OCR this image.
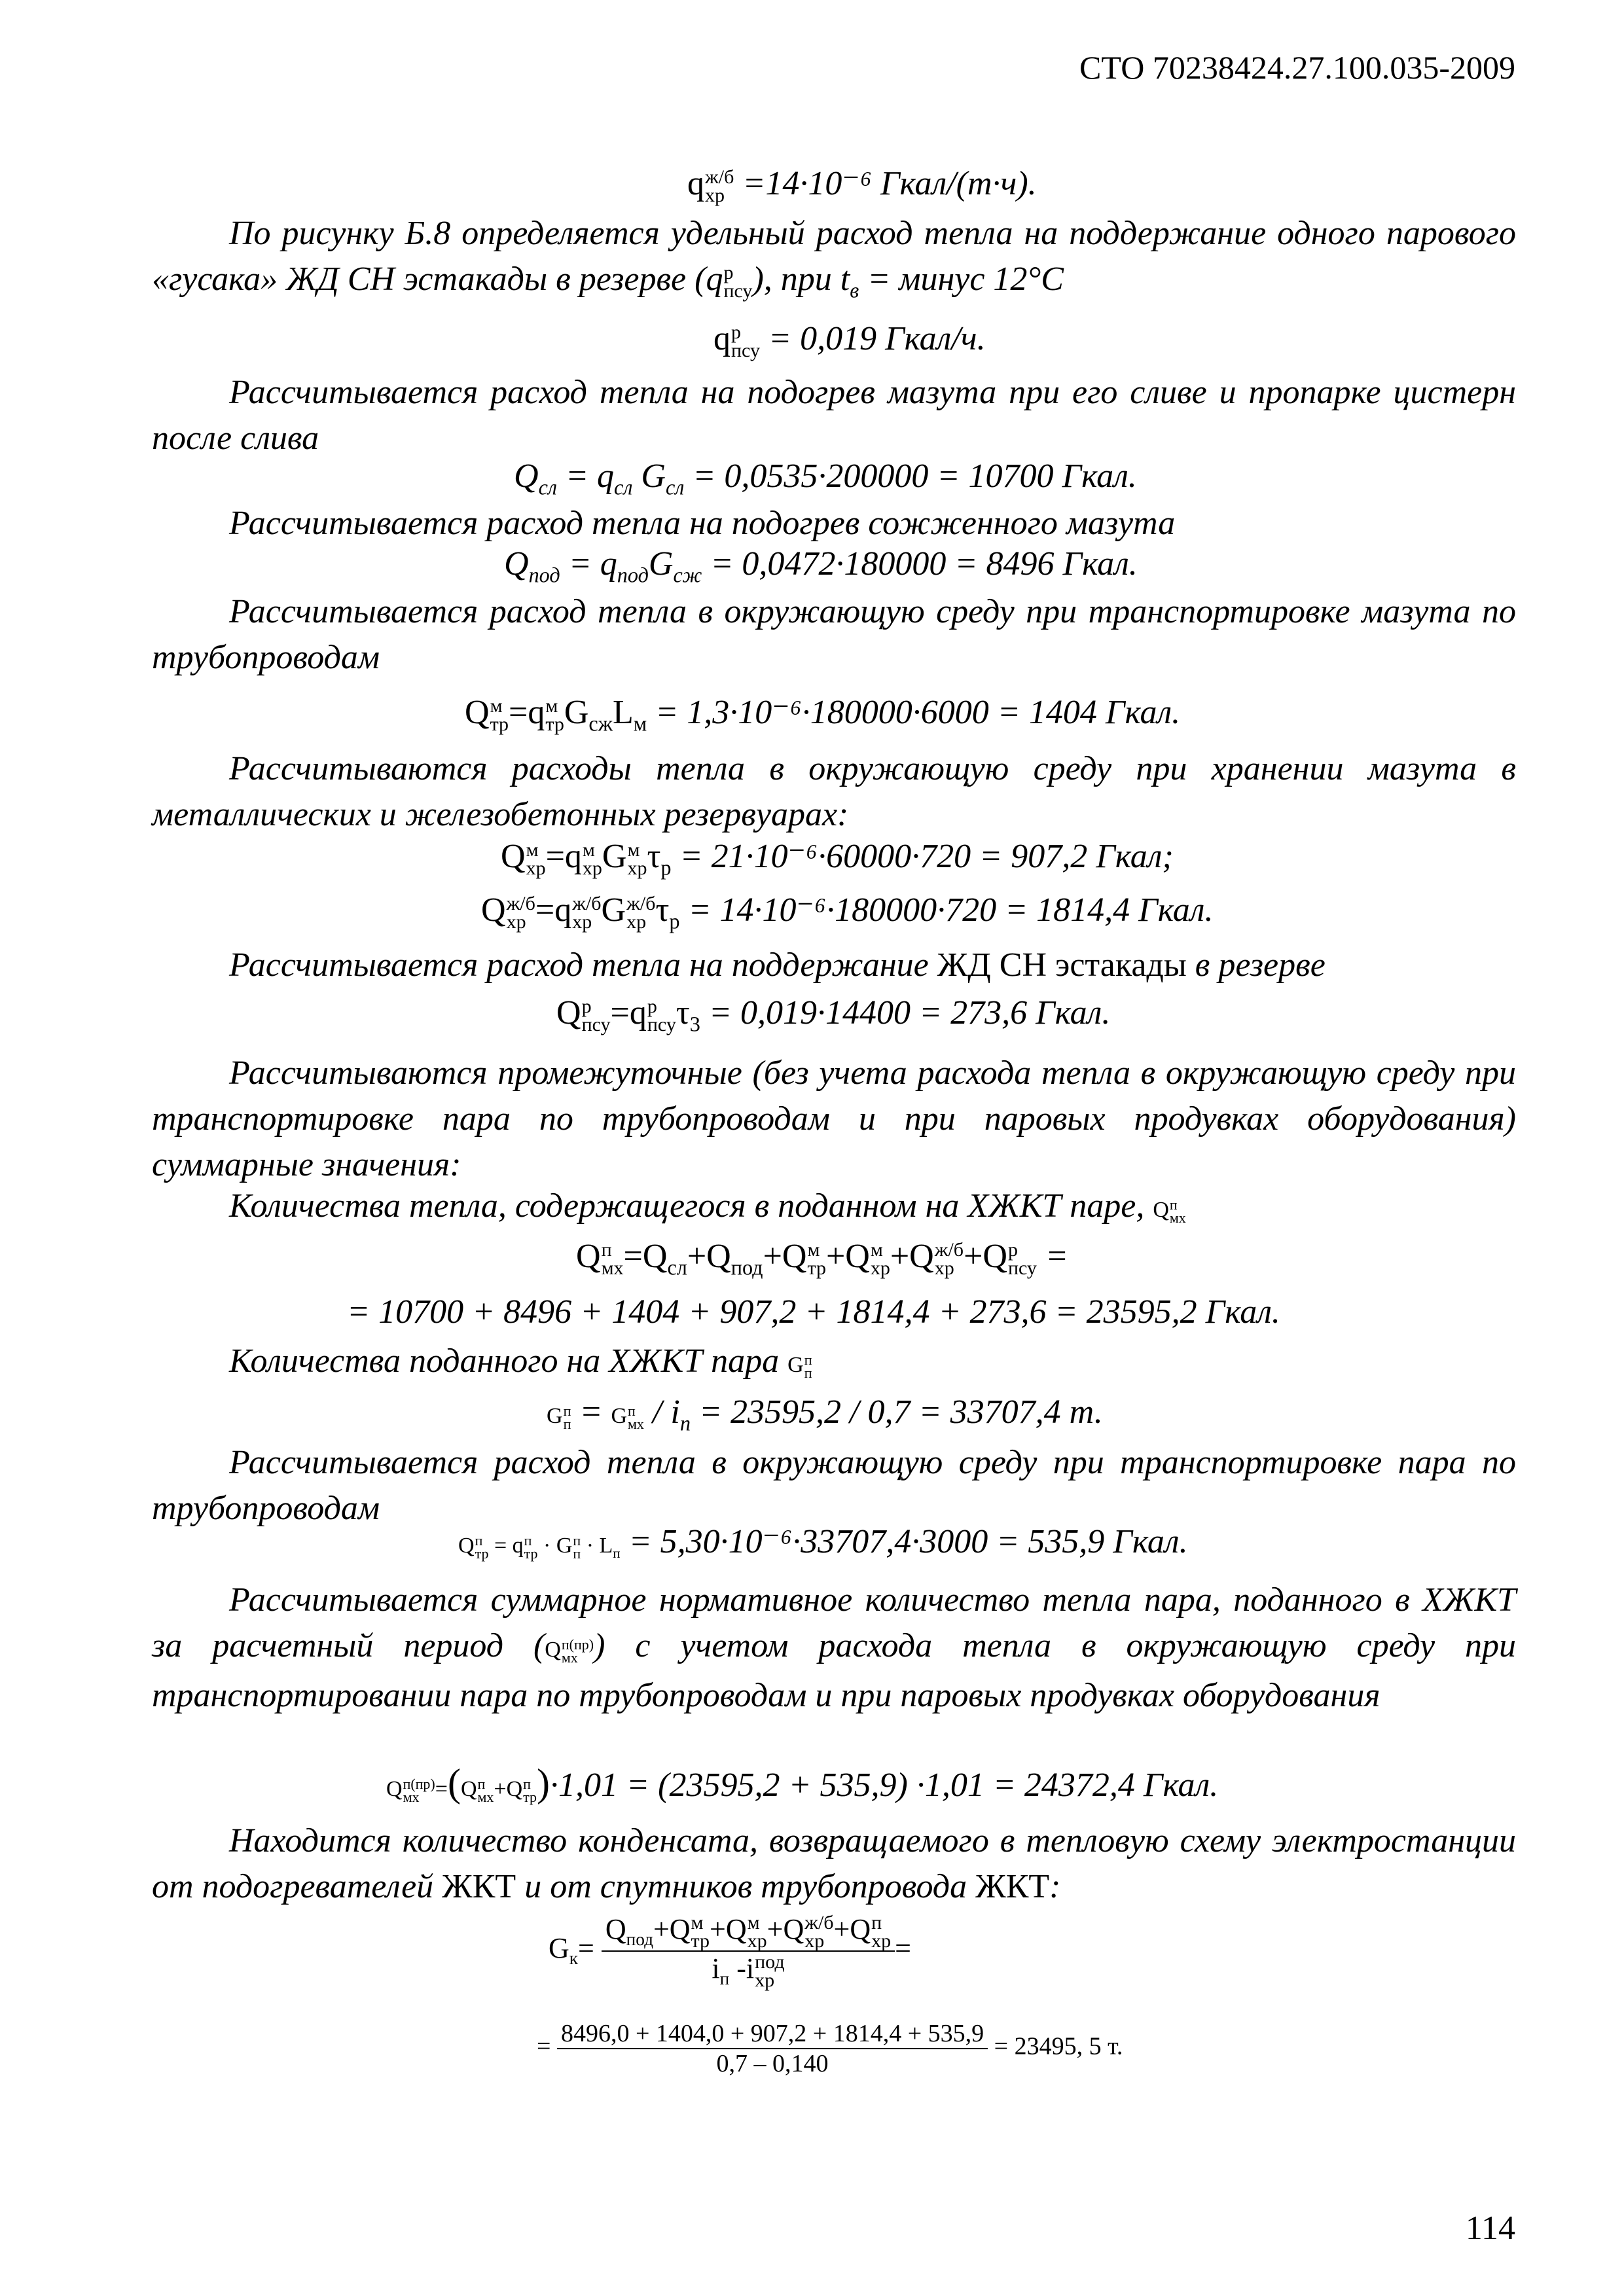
СТО 70238424.27.100.035-2009
q ж/б
хр =14·10⁻⁶ Гкал/(т·ч).
По рисунку Б.8 определяется удельный расход тепла на поддержание одного парового «гусака» ЖД СН эстакады в резерве (q р
псу ), при $t_в$ = минус 12°С
q р
псу = 0,019 Гкал/ч.
Рассчитывается расход тепла на подогрев мазута при его сливе и пропарке цистерн после слива
$Q_{сл} = q_{сл}$ $G_{сл} = 0,0535\cdot 200000 = 10700$ Гкал.
Рассчитывается расход тепла на подогрев сожженного мазута
$Q_{под} = q_{под}G_{сж} = 0,0472\cdot 180000 = 8496$ Гкал.
Рассчитывается расход тепла в окружающую среду при транспортировке мазута по трубопроводам
Q м
тр =q м
тр $G_{сж}L_м = 1,3\cdot 10^{-6}\cdot 180000\cdot 6000 = 1404$ Гкал.
Рассчитываются расходы тепла в окружающую среду при хранении мазута в металлических и железобетонных резервуарах:
Q м
хр =q м
хр G м
хр $\tau_р = 21\cdot 10^{-6}\cdot 60000\cdot 720 = 907,2$ Гкал;
Q ж/б
хр =q ж/б
хр G ж/б
хр $\tau_р = 14\cdot 10^{-6}\cdot 180000\cdot 720 = 1814,4$ Гкал.
Рассчитывается расход тепла на поддержание ЖД СН эстакады в резерве
Q р
псу =q р
псу $\tau_3 = 0,019\cdot 14400 = 273,6$ Гкал.
Рассчитываются промежуточные (без учета расхода тепла в окружающую среду при транспортировке пара по трубопроводам и при паровых продувках оборудования) суммарные значения:
Количества тепла, содержащегося в поданном на ХЖКТ паре, Q п
мх
Q п
мх $=Q_{сл}+Q_{под}+Q$ м
тр +Q м
хр +Q ж/б
хр +Q р
псу =
= 10700 + 8496 + 1404 + 907,2 + 1814,4 + 273,6 = 23595,2 Гкал.
Количества поданного на ХЖКТ пара G п
п
G п
п = G п
мх / $i_п = 23595,2 / 0,7 = 33707,4$ т.
Рассчитывается расход тепла в окружающую среду при транспортировке пара по трубопроводам
Q п
тр = q п
тр · G п
$п \cdot L_п = 5,30\cdot 10^{-6}\cdot 33707,4\cdot 3000 = 535,9$ Гкал.
Рассчитывается суммарное нормативное количество тепла пара, поданного в ХЖКТ за расчетный период (Q п(пр)
мх ) с учетом расхода тепла в окружающую среду при транспортировании пара по трубопроводам и при паровых продувках оборудования
Q п(пр)
мх =(Q п
мх +Q п
тр )·1,01 = (23595,2 + 535,9) ·1,01 = 24372,4 Гкал.
Находится количество конденсата, возвращаемого в тепловую схему электростанции от подогревателей ЖКТ и от спутников трубопровода ЖКТ:
$G_к= Q_{под}+Q$ м
тр +Q м
хр +Q ж/б
хр +Q п
хр
$i_п$ -i под
хр =
= $\frac{8496,0 + 1404,0 + 907,2 + 1814,4 + 535,9}{0,7 - 0,140} = 23495$, 5 т.
114
